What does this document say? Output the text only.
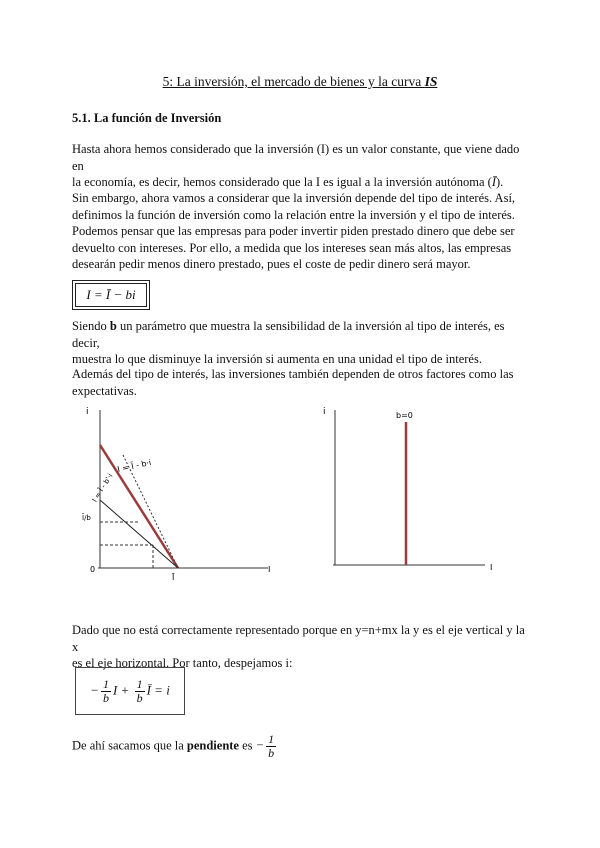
5: La inversión, el mercado de bienes y la curva IS
5.1. La función de Inversión
Hasta ahora hemos considerado que la inversión (I) es un valor constante, que viene dado en
la economía, es decir, hemos considerado que la I es igual a la inversión autónoma (Ī).
Sin embargo, ahora vamos a considerar que la inversión depende del tipo de interés. Así,
definimos la función de inversión como la relación entre la inversión y el tipo de interés.
Podemos pensar que las empresas para poder invertir piden prestado dinero que debe ser
devuelto con intereses. Por ello, a medida que los intereses sean más altos, las empresas
desearán pedir menos dinero prestado, pues el coste de pedir dinero será mayor.
I = Ī − bi
Siendo b un parámetro que muestra la sensibilidad de la inversión al tipo de interés, es decir,
muestra lo que disminuye la inversión si aumenta en una unidad el tipo de interés.
Además del tipo de interés, las inversiones también dependen de otros factores como las
expectativas.
i
I
0
I = Ī - b·i
I = Ī - b'·i
Ī/b
Ī
i
I
b=0
Dado que no está correctamente representado porque en y=n+mx la y es el eje vertical y la x
es el eje horizontal. Por tanto, despejamos i:
− $\frac{1}{b}$ $I + \frac{1}{b}$ Ī = i
De ahí sacamos que la pendiente es − $\frac{1}{b}$
